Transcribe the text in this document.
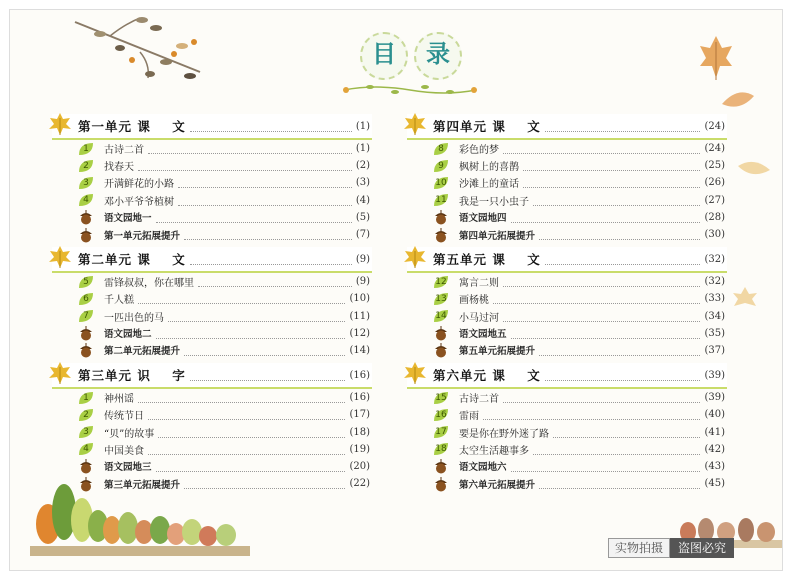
目	录
第一单元 课    文	(1)
1	古诗二首	(1)
2	找春天	(2)
3	开满鲜花的小路	(3)
4	邓小平爷爷植树	(4)
语文园地一	(5)
第一单元拓展提升	(7)
第二单元 课    文	(9)
5	雷锋叔叔，你在哪里	(9)
6	千人糕	(10)
7	一匹出色的马	(11)
语文园地二	(12)
第二单元拓展提升	(14)
第三单元 识    字	(16)
1	神州谣	(16)
2	传统节日	(17)
3	“贝”的故事	(18)
4	中国美食	(19)
语文园地三	(20)
第三单元拓展提升	(22)
第四单元 课    文	(24)
8	彩色的梦	(24)
9	枫树上的喜鹊	(25)
10 沙滩上的童话	(26)
11 我是一只小虫子	(27)
语文园地四	(28)
第四单元拓展提升	(30)
第五单元 课    文	(32)
12 寓言二则	(32)
13 画杨桃	(33)
14 小马过河	(34)
语文园地五	(35)
第五单元拓展提升	(37)
第六单元 课    文	(39)
15 古诗二首	(39)
16 雷雨	(40)
17 要是你在野外迷了路	(41)
18 太空生活趣事多	(42)
语文园地六	(43)
第六单元拓展提升	(45)
实物拍摄	盗图必究
